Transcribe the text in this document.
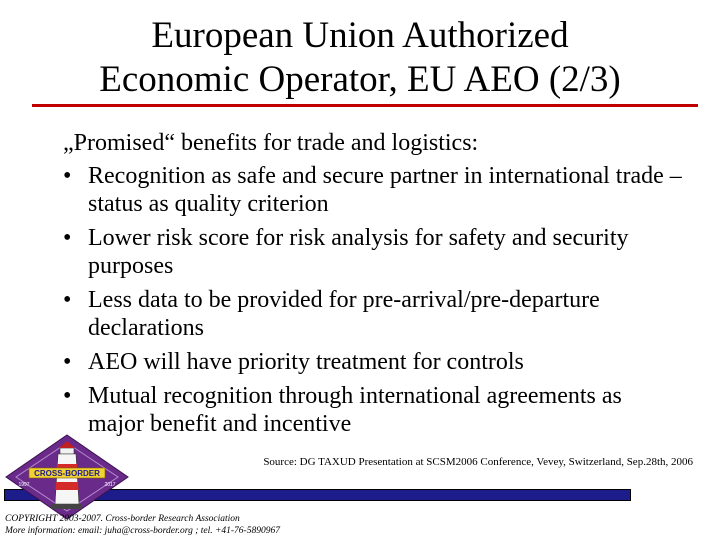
European Union Authorized
Economic Operator, EU AEO (2/3)
„Promised“ benefits for trade and logistics:
• Recognition as safe and secure partner in international trade – status as quality criterion
• Lower risk score for risk analysis for safety and security purposes
• Less data to be provided for pre-arrival/pre-departure declarations
• AEO will have priority treatment for controls
• Mutual recognition through international agreements as major benefit and incentive
Source: DG TAXUD Presentation at SCSM2006 Conference, Vevey, Switzerland, Sep.28th, 2006
CROSS-BORDER
1997	2017
COPYRIGHT 2003-2007. Cross-border Research Association
More information: email: juha@cross-border.org ; tel. +41-76-5890967
